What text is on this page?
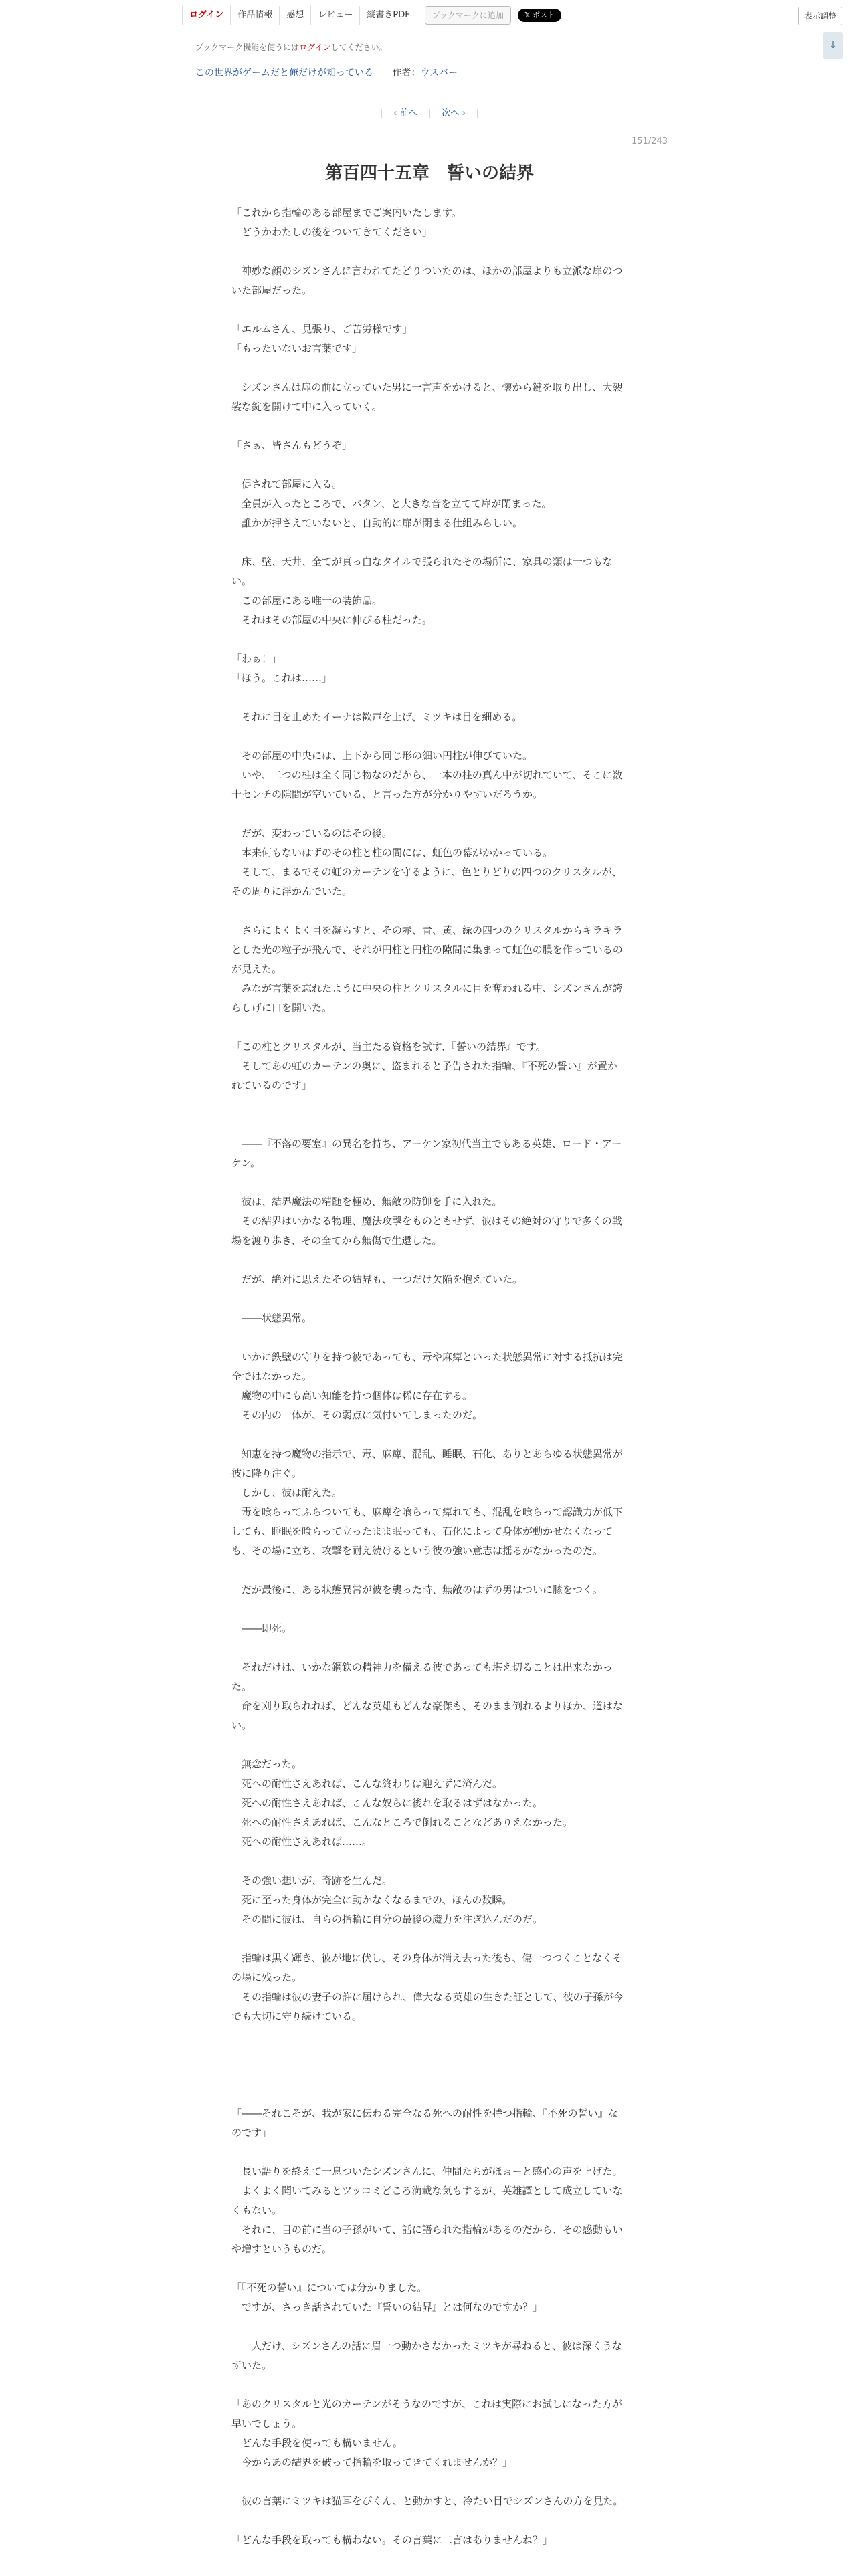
ログイン	作品情報	感想	レビュー	縦書きPDF	ブックマークに追加	𝕏 ポスト	表示調整
↓
ブックマーク機能を使うにはログインしてください。
この世界がゲームだと俺だけが知っている 作者：ウスバー
| ‹ 前へ | 次へ › |
151/243
第百四十五章　誓いの結界

「これから指輪のある部屋までご案内いたします。

　どうかわたしの後をついてきてください」

　神妙な顔のシズンさんに言われてたどりついたのは、ほかの部屋よりも立派な扉のついた部屋だった。

「エルムさん、見張り、ご苦労様です」

「もったいないお言葉です」

　シズンさんは扉の前に立っていた男に一言声をかけると、懐から鍵を取り出し、大袈裟な錠を開けて中に入っていく。

「さぁ、皆さんもどうぞ」

　促されて部屋に入る。

　全員が入ったところで、バタン、と大きな音を立てて扉が閉まった。

　誰かが押さえていないと、自動的に扉が閉まる仕組みらしい。

　床、壁、天井、全てが真っ白なタイルで張られたその場所に、家具の類は一つもない。

　この部屋にある唯一の装飾品。

　それはその部屋の中央に伸びる柱だった。

「わぁ！」

「ほう。これは……」

　それに目を止めたイーナは歓声を上げ、ミツキは目を細める。

　その部屋の中央には、上下から同じ形の細い円柱が伸びていた。

　いや、二つの柱は全く同じ物なのだから、一本の柱の真ん中が切れていて、そこに数十センチの隙間が空いている、と言った方が分かりやすいだろうか。

　だが、変わっているのはその後。

　本来何もないはずのその柱と柱の間には、虹色の幕がかかっている。

　そして、まるでその虹のカーテンを守るように、色とりどりの四つのクリスタルが、その周りに浮かんでいた。

　さらによくよく目を凝らすと、その赤、青、黄、緑の四つのクリスタルからキラキラとした光の粒子が飛んで、それが円柱と円柱の隙間に集まって虹色の膜を作っているのが見えた。

　みなが言葉を忘れたように中央の柱とクリスタルに目を奪われる中、シズンさんが誇らしげに口を開いた。

「この柱とクリスタルが、当主たる資格を試す、『誓いの結界』です。

　そしてあの虹のカーテンの奥に、盗まれると予告された指輪、『不死の誓い』が置かれているのです」

　――『不落の要塞』の異名を持ち、アーケン家初代当主でもある英雄、ロード・アーケン。

　彼は、結界魔法の精髄を極め、無敵の防御を手に入れた。

　その結界はいかなる物理、魔法攻撃をものともせず、彼はその絶対の守りで多くの戦場を渡り歩き、その全てから無傷で生還した。

　だが、絶対に思えたその結界も、一つだけ欠陥を抱えていた。

　――状態異常。

　いかに鉄壁の守りを持つ彼であっても、毒や麻痺といった状態異常に対する抵抗は完全ではなかった。

　魔物の中にも高い知能を持つ個体は稀に存在する。

　その内の一体が、その弱点に気付いてしまったのだ。

　知恵を持つ魔物の指示で、毒、麻痺、混乱、睡眠、石化、ありとあらゆる状態異常が彼に降り注ぐ。

　しかし、彼は耐えた。

　毒を喰らってふらついても、麻痺を喰らって痺れても、混乱を喰らって認識力が低下しても、睡眠を喰らって立ったまま眠っても、石化によって身体が動かせなくなっても、その場に立ち、攻撃を耐え続けるという彼の強い意志は揺るがなかったのだ。

　だが最後に、ある状態異常が彼を襲った時、無敵のはずの男はついに膝をつく。

　――即死。

　それだけは、いかな鋼鉄の精神力を備える彼であっても堪え切ることは出来なかった。

　命を刈り取られれば、どんな英雄もどんな豪傑も、そのまま倒れるよりほか、道はない。

　無念だった。

　死への耐性さえあれば、こんな終わりは迎えずに済んだ。

　死への耐性さえあれば、こんな奴らに後れを取るはずはなかった。

　死への耐性さえあれば、こんなところで倒れることなどありえなかった。

　死への耐性さえあれば……。

　その強い想いが、奇跡を生んだ。

　死に至った身体が完全に動かなくなるまでの、ほんの数瞬。

　その間に彼は、自らの指輪に自分の最後の魔力を注ぎ込んだのだ。

　指輪は黒く輝き、彼が地に伏し、その身体が消え去った後も、傷一つつくことなくその場に残った。

　その指輪は彼の妻子の許に届けられ、偉大なる英雄の生きた証として、彼の子孫が今でも大切に守り続けている。

「――それこそが、我が家に伝わる完全なる死への耐性を持つ指輪、『不死の誓い』なのです」

　長い語りを終えて一息ついたシズンさんに、仲間たちがほぉーと感心の声を上げた。

　よくよく聞いてみるとツッコミどころ満載な気もするが、英雄譚として成立していなくもない。

　それに、目の前に当の子孫がいて、話に語られた指輪があるのだから、その感動もいや増すというものだ。

「『不死の誓い』については分かりました。

　ですが、さっき話されていた『誓いの結界』とは何なのですか？」

　一人だけ、シズンさんの話に眉一つ動かさなかったミツキが尋ねると、彼は深くうなずいた。

「あのクリスタルと光のカーテンがそうなのですが、これは実際にお試しになった方が早いでしょう。

　どんな手段を使っても構いません。

　今からあの結界を破って指輪を取ってきてくれませんか？」

　彼の言葉にミツキは猫耳をぴくん、と動かすと、冷たい目でシズンさんの方を見た。

「どんな手段を取っても構わない。その言葉に二言はありませんね？」
